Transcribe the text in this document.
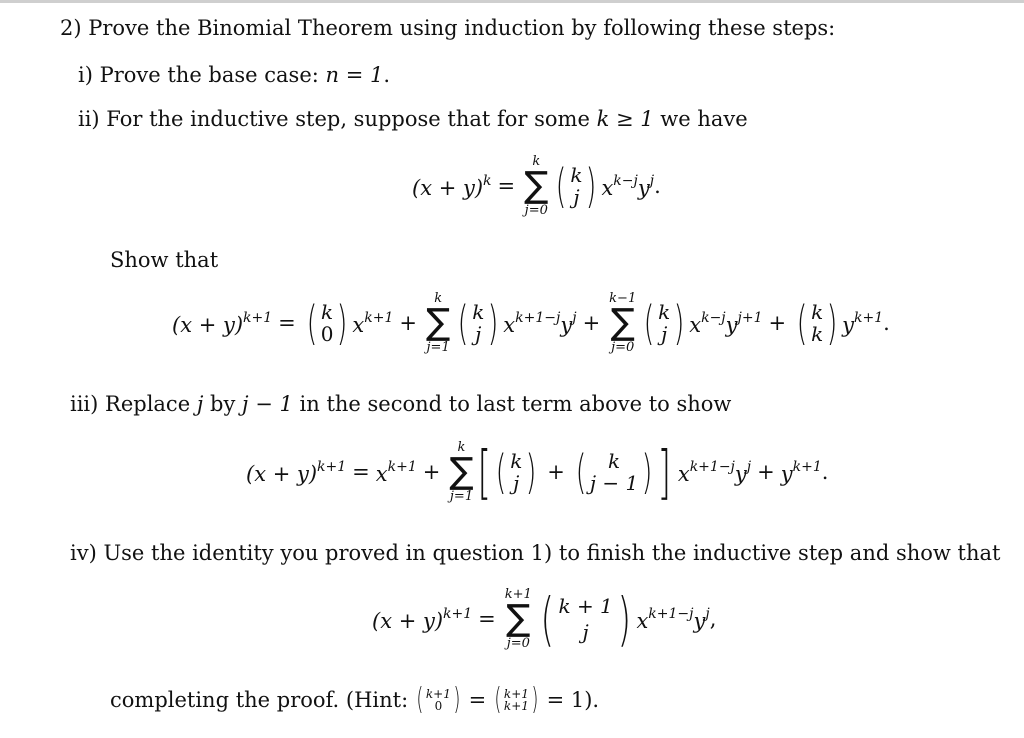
2) Prove the Binomial Theorem using induction by following these steps:
i) Prove the base case: n = 1.
ii) For the inductive step, suppose that for some k ≥ 1 we have
$(x + y)^k$ =
k
∑
j=0 ( k
j ) $x^{k-j}y^j$ .
Show that
$(x + y)^{k+1}$ = ( k
0 ) $x^{k+1}$ +
k
∑
j=1 ( k
j ) $x^{k+1-j}y^j$ +
k−1
∑
j=0 ( k
j ) $x^{k-j}y^{j+1}$ + ( k
k ) $y^{k+1}$ .
iii) Replace j by j − 1 in the second to last term above to show
$(x + y)^{k+1} = x^{k+1}$ +
k
∑
j=1 [ ( k
j ) + ( k
j − 1 ) ] $x^{k+1-j}y^j + y^{k+1}$ .
iv) Use the identity you proved in question 1) to finish the inductive step and show that
$(x + y)^{k+1}$ =
k+1
∑
j=0 ( k + 1
j ) $x^{k+1-j}y^j$ ,
completing the proof. (Hint: ( k+1
0 ) = ( k+1
k+1 ) = 1).
